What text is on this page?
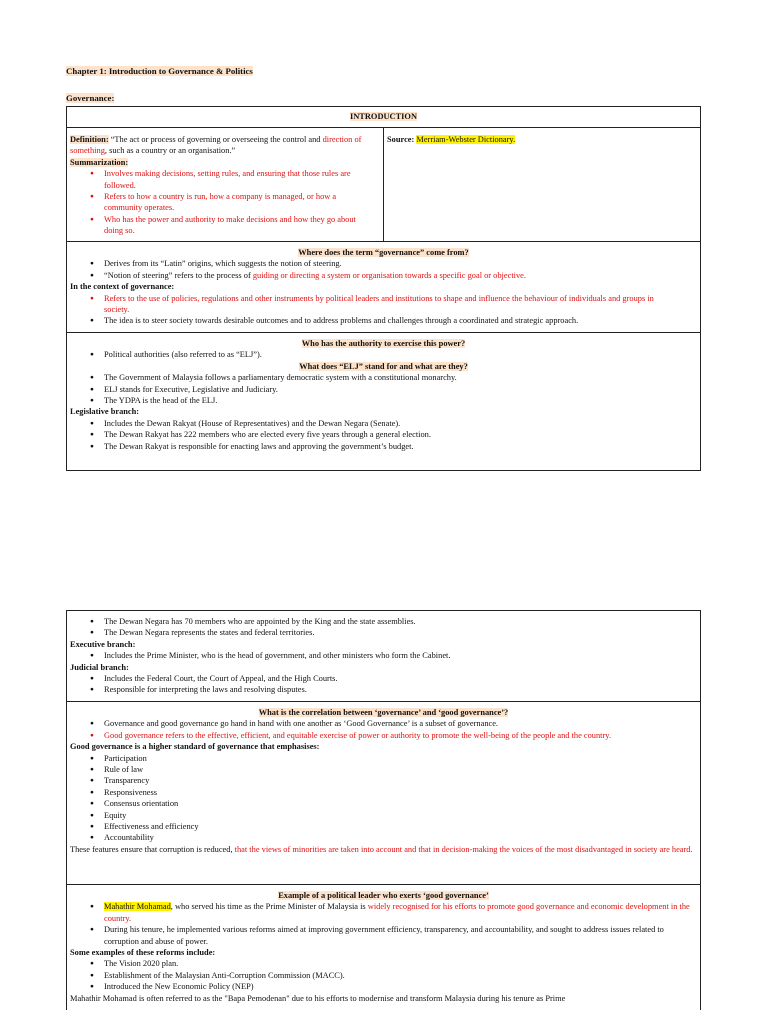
Chapter 1: Introduction to Governance & Politics
Governance:
INTRODUCTION
Definition: “The act or process of governing or overseeing the control and direction of something, such as a country or an organisation.”
Summarization:
● Involves making decisions, setting rules, and ensuring that those rules are followed.
● Refers to how a country is run, how a company is managed, or how a community operates.
● Who has the power and authority to make decisions and how they go about doing so.
Source: Merriam-Webster Dictionary.
Where does the term “governance” come from?
● Derives from its “Latin” origins, which suggests the notion of steering.
● “Notion of steering” refers to the process of guiding or directing a system or organisation towards a specific goal or objective.
In the context of governance:
● Refers to the use of policies, regulations and other instruments by political leaders and institutions to shape and influence the behaviour of individuals and groups in society.
● The idea is to steer society towards desirable outcomes and to address problems and challenges through a coordinated and strategic approach.
Who has the authority to exercise this power?
● Political authorities (also referred to as “ELJ”).
What does “ELJ” stand for and what are they?
● The Government of Malaysia follows a parliamentary democratic system with a constitutional monarchy.
● ELJ stands for Executive, Legislative and Judiciary.
● The YDPA is the head of the ELJ.
Legislative branch:
● Includes the Dewan Rakyat (House of Representatives) and the Dewan Negara (Senate).
● The Dewan Rakyat has 222 members who are elected every five years through a general election.
● The Dewan Rakyat is responsible for enacting laws and approving the government’s budget.
● The Dewan Negara has 70 members who are appointed by the King and the state assemblies.
● The Dewan Negara represents the states and federal territories.
Executive branch:
● Includes the Prime Minister, who is the head of government, and other ministers who form the Cabinet.
Judicial branch:
● Includes the Federal Court, the Court of Appeal, and the High Courts.
● Responsible for interpreting the laws and resolving disputes.
What is the correlation between ‘governance’ and ‘good governance’?
● Governance and good governance go hand in hand with one another as ‘Good Governance’ is a subset of governance.
● Good governance refers to the effective, efficient, and equitable exercise of power or authority to promote the well-being of the people and the country.
Good governance is a higher standard of governance that emphasises:
● Participation
● Rule of law
● Transparency
● Responsiveness
● Consensus orientation
● Equity
● Effectiveness and efficiency
● Accountability
These features ensure that corruption is reduced, that the views of minorities are taken into account and that in decision-making the voices of the most disadvantaged in society are heard.
Example of a political leader who exerts ‘good governance’
● Mahathir Mohamad, who served his time as the Prime Minister of Malaysia is widely recognised for his efforts to promote good governance and economic development in the country.
● During his tenure, he implemented various reforms aimed at improving government efficiency, transparency, and accountability, and sought to address issues related to corruption and abuse of power.
Some examples of these reforms include:
● The Vision 2020 plan.
● Establishment of the Malaysian Anti-Corruption Commission (MACC).
● Introduced the New Economic Policy (NEP)
Mahathir Mohamad is often referred to as the "Bapa Pemodenan" due to his efforts to modernise and transform Malaysia during his tenure as Prime
